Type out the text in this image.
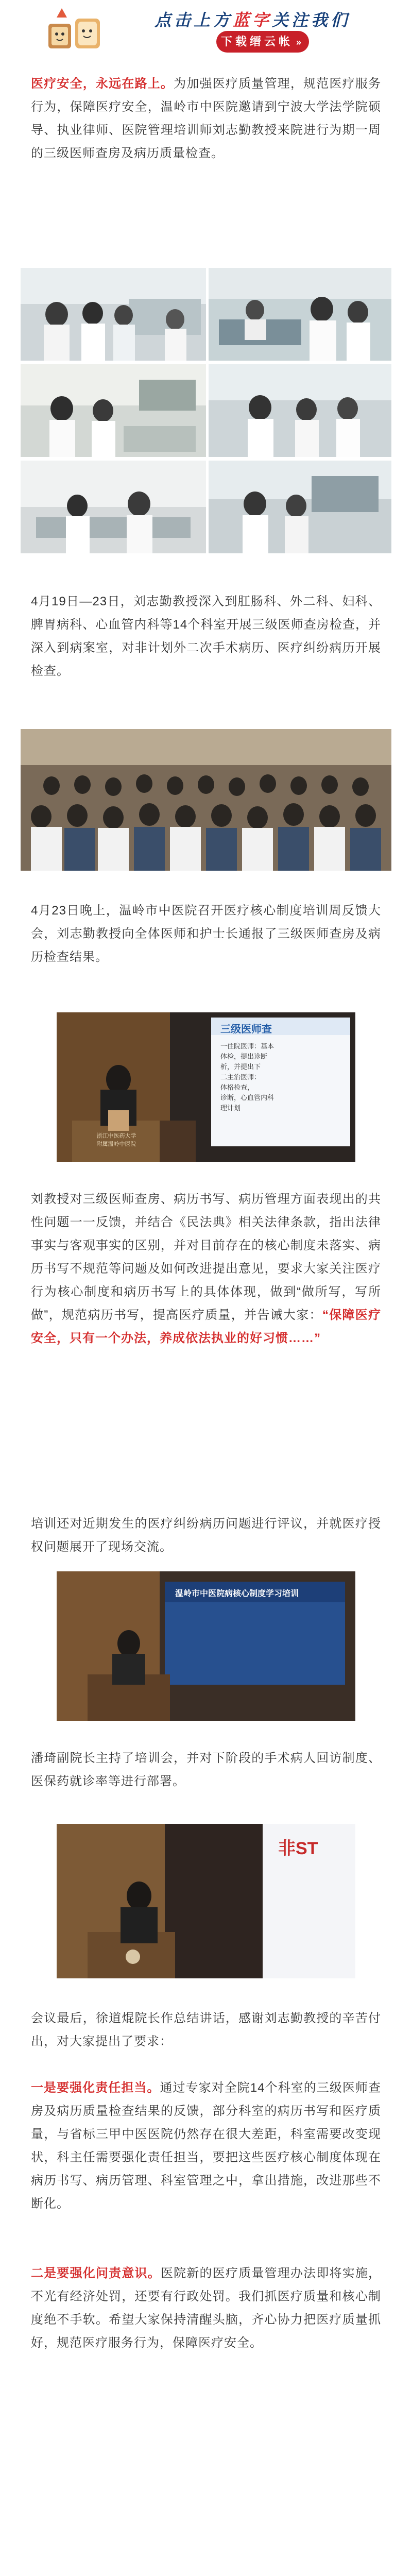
点击上方蓝字关注我们
下载缙云帐 »
医疗安全，永远在路上。为加强医疗质量管理，规范医疗服务行为，保障医疗安全，温岭市中医院邀请到宁波大学法学院硕导、执业律师、医院管理培训师刘志勤教授来院进行为期一周的三级医师查房及病历质量检查。
4月19日—23日，刘志勤教授深入到肛肠科、外二科、妇科、脾胃病科、心血管内科等14个科室开展三级医师查房检查，并深入到病案室，对非计划外二次手术病历、医疗纠纷病历开展检查。
4月23日晚上，温岭市中医院召开医疗核心制度培训周反馈大会，刘志勤教授向全体医师和护士长通报了三级医师查房及病历检查结果。
三级医师查
一住院医师：基本
体检，提出诊断
析，并提出下
二主治医师：
体格检查，
诊断，心血管内科
理计划
浙江中医药大学
附属温岭中医院
刘教授对三级医师查房、病历书写、病历管理方面表现出的共性问题一一反馈，并结合《民法典》相关法律条款，指出法律事实与客观事实的区别，并对目前存在的核心制度未落实、病历书写不规范等问题及如何改进提出意见，要求大家关注医疗行为核心制度和病历书写上的具体体现，做到“做所写，写所做”，规范病历书写，提高医疗质量，并告诫大家：“保障医疗安全，只有一个办法，养成依法执业的好习惯……”
培训还对近期发生的医疗纠纷病历问题进行评议，并就医疗授权问题展开了现场交流。
温岭市中医院病核心制度学习培训
潘琦副院长主持了培训会，并对下阶段的手术病人回访制度、医保药就诊率等进行部署。
非ST
会议最后，徐道焜院长作总结讲话，感谢刘志勤教授的辛苦付出，对大家提出了要求：
一是要强化责任担当。通过专家对全院14个科室的三级医师查房及病历质量检查结果的反馈，部分科室的病历书写和医疗质量，与省标三甲中医医院仍然存在很大差距，科室需要改变现状，科主任需要强化责任担当，要把这些医疗核心制度体现在病历书写、病历管理、科室管理之中，拿出措施，改进那些不断化。
二是要强化问责意识。医院新的医疗质量管理办法即将实施，不光有经济处罚，还要有行政处罚。我们抓医疗质量和核心制度绝不手软。希望大家保持清醒头脑，齐心协力把医疗质量抓好，规范医疗服务行为，保障医疗安全。
